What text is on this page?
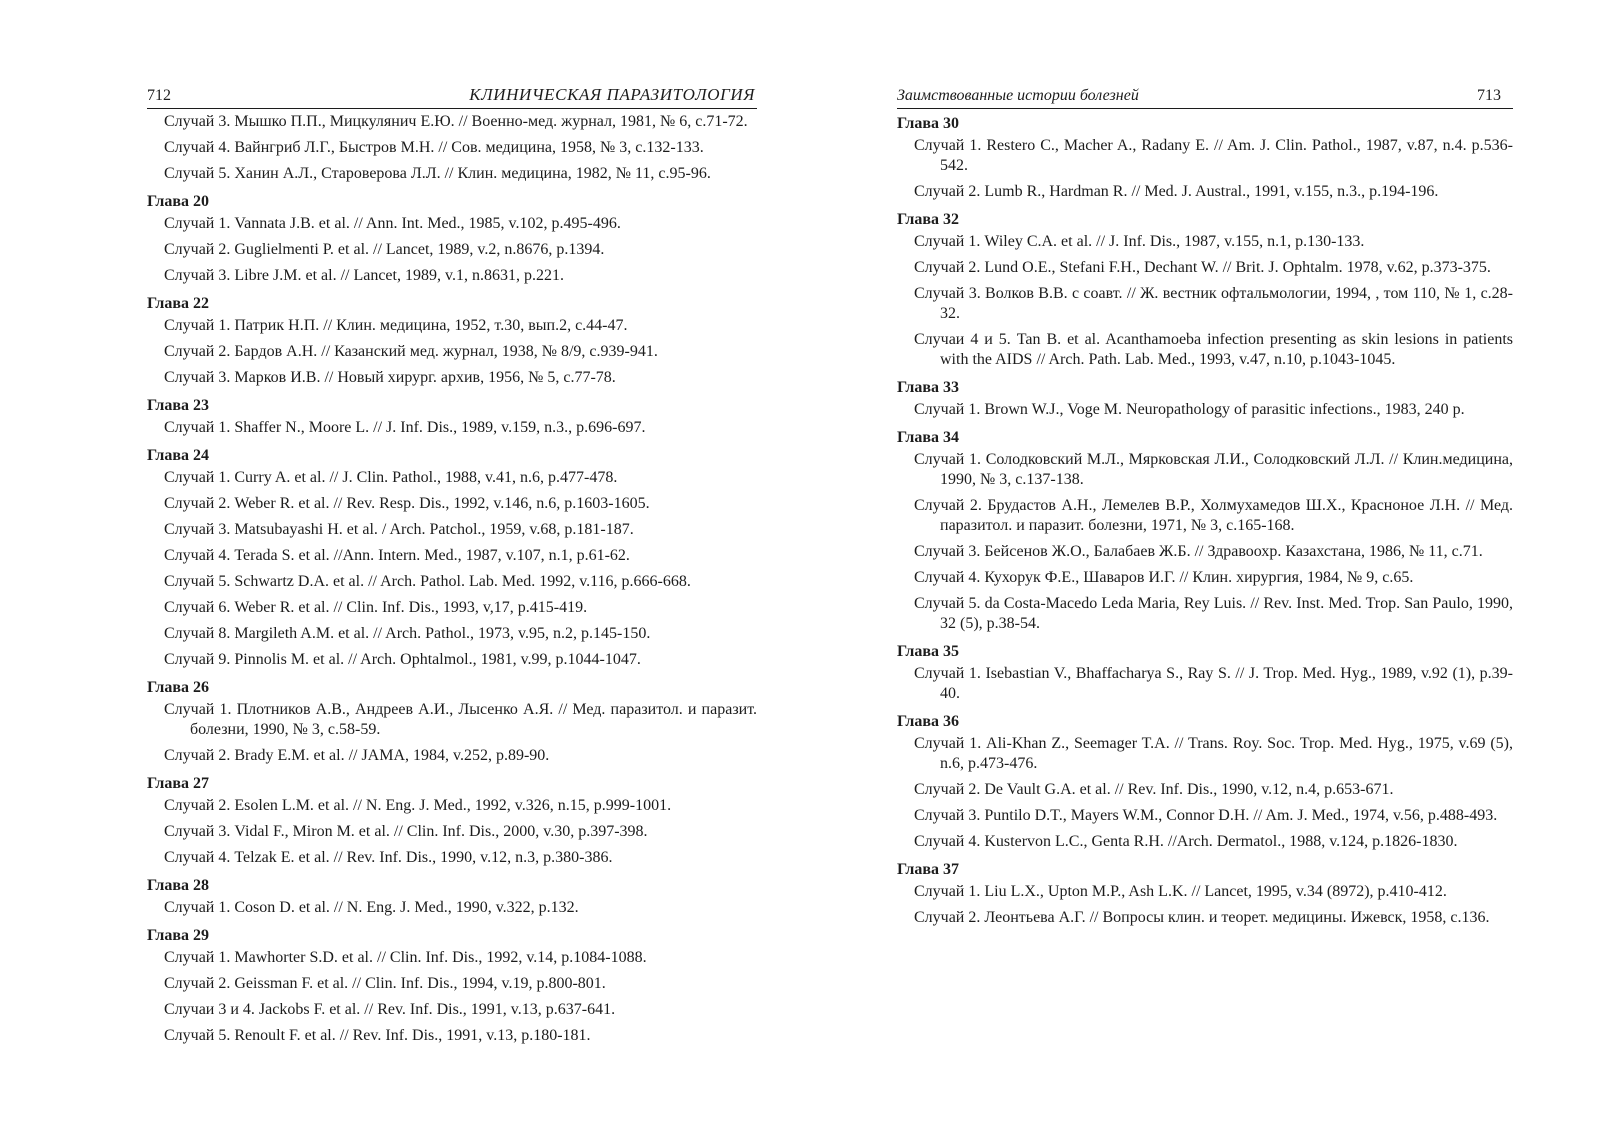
712	КЛИНИЧЕСКАЯ ПАРАЗИТОЛОГИЯ

Случай 3. Мышко П.П., Мицкулянич Е.Ю. // Военно-мед. журнал, 1981, № 6, с.71-72.

Случай 4. Вайнгриб Л.Г., Быстров М.Н. // Сов. медицина, 1958, № 3, с.132-133.

Случай 5. Ханин А.Л., Староверова Л.Л. // Клин. медицина, 1982, № 11, с.95-96.

Глава 20

Случай 1. Vannata J.B. et al. // Ann. Int. Med., 1985, v.102, p.495-496.

Случай 2. Guglielmenti P. et al. // Lancet, 1989, v.2, n.8676, p.1394.

Случай 3. Libre J.M. et al. // Lancet, 1989, v.1, n.8631, p.221.

Глава 22

Случай 1. Патрик Н.П. // Клин. медицина, 1952, т.30, вып.2, с.44-47.

Случай 2. Бардов А.Н. // Казанский мед. журнал, 1938, № 8/9, с.939-941.

Случай 3. Марков И.В. // Новый хирург. архив, 1956, № 5, с.77-78.

Глава 23

Случай 1. Shaffer N., Moore L. // J. Inf. Dis., 1989, v.159, n.3., p.696-697.

Глава 24

Случай 1. Curry A. et al. // J. Clin. Pathol., 1988, v.41, n.6, p.477-478.

Случай 2. Weber R. et al. // Rev. Resp. Dis., 1992, v.146, n.6, p.1603-1605.

Случай 3. Matsubayashi H. et al. / Arch. Patchol., 1959, v.68, p.181-187.

Случай 4. Terada S. et al. //Ann. Intern. Med., 1987, v.107, n.1, p.61-62.

Случай 5. Schwartz D.A. et al. // Arch. Pathol. Lab. Med. 1992, v.116, p.666-668.

Случай 6. Weber R. et al. // Clin. Inf. Dis., 1993, v,17, p.415-419.

Случай 8. Margileth A.M. et al. // Arch. Pathol., 1973, v.95, n.2, p.145-150.

Случай 9. Pinnolis M. et al. // Arch. Ophtalmol., 1981, v.99, p.1044-1047.

Глава 26

Случай 1. Плотников А.В., Андреев А.И., Лысенко А.Я. // Мед. паразитол. и паразит. болезни, 1990, № 3, с.58-59.

Случай 2. Brady E.M. et al. // JAMA, 1984, v.252, p.89-90.

Глава 27

Случай 2. Esolen L.M. et al. // N. Eng. J. Med., 1992, v.326, n.15, p.999-1001.

Случай 3. Vidal F., Miron M. et al. // Clin. Inf. Dis., 2000, v.30, p.397-398.

Случай 4. Telzak E. et al. // Rev. Inf. Dis., 1990, v.12, n.3, p.380-386.

Глава 28

Случай 1. Coson D. et al. // N. Eng. J. Med., 1990, v.322, p.132.

Глава 29

Случай 1. Mawhorter S.D. et al. // Clin. Inf. Dis., 1992, v.14, p.1084-1088.

Случай 2. Geissman F. et al. // Clin. Inf. Dis., 1994, v.19, p.800-801.

Случаи 3 и 4. Jackobs F. et al. // Rev. Inf. Dis., 1991, v.13, p.637-641.

Случай 5. Renoult F. et al. // Rev. Inf. Dis., 1991, v.13, p.180-181.

Заимствованные истории болезней	713

Глава 30

Случай 1. Restero C., Macher A., Radany E. // Am. J. Clin. Pathol., 1987, v.87, n.4. p.536-542.

Случай 2. Lumb R., Hardman R. // Med. J. Austral., 1991, v.155, n.3., p.194-196.

Глава 32

Случай 1. Wiley C.A. et al. // J. Inf. Dis., 1987, v.155, n.1, p.130-133.

Случай 2. Lund O.E., Stefani F.H., Dechant W. // Brit. J. Ophtalm. 1978, v.62, p.373-375.

Случай 3. Волков В.В. с соавт. // Ж. вестник офтальмологии, 1994, , том 110, № 1, с.28-32.

Случаи 4 и 5. Tan B. et al. Acanthamoeba infection presenting as skin lesions in patients with the AIDS // Arch. Path. Lab. Med., 1993, v.47, n.10, p.1043-1045.

Глава 33

Случай 1. Brown W.J., Voge M. Neuropathology of parasitic infections., 1983, 240 p.

Глава 34

Случай 1. Солодковский М.Л., Мярковская Л.И., Солодковский Л.Л. // Клин.медицина, 1990, № 3, с.137-138.

Случай 2. Брудастов А.Н., Лемелев В.Р., Холмухамедов Ш.Х., Красноное Л.Н. // Мед. паразитол. и паразит. болезни, 1971, № 3, с.165-168.

Случай 3. Бейсенов Ж.О., Балабаев Ж.Б. // Здравоохр. Казахстана, 1986, № 11, с.71.

Случай 4. Кухорук Ф.Е., Шаваров И.Г. // Клин. хирургия, 1984, № 9, с.65.

Случай 5. da Costa-Macedo Leda Maria, Rey Luis. // Rev. Inst. Med. Trop. San Paulo, 1990, 32 (5), p.38-54.

Глава 35

Случай 1. Isebastian V., Bhaffacharya S., Ray S. // J. Trop. Med. Hyg., 1989, v.92 (1), p.39-40.

Глава 36

Случай 1. Ali-Khan Z., Seemager T.A. // Trans. Roy. Soc. Trop. Med. Hyg., 1975, v.69 (5), n.6, p.473-476.

Случай 2. De Vault G.A. et al. // Rev. Inf. Dis., 1990, v.12, n.4, p.653-671.

Случай 3. Puntilo D.T., Mayers W.M., Connor D.H. // Am. J. Med., 1974, v.56, p.488-493.

Случай 4. Kustervon L.C., Genta R.H. //Arch. Dermatol., 1988, v.124, p.1826-1830.

Глава 37

Случай 1. Liu L.X., Upton M.P., Ash L.K. // Lancet, 1995, v.34 (8972), p.410-412.

Случай 2. Леонтьева А.Г. // Вопросы клин. и теорет. медицины. Ижевск, 1958, с.136.
